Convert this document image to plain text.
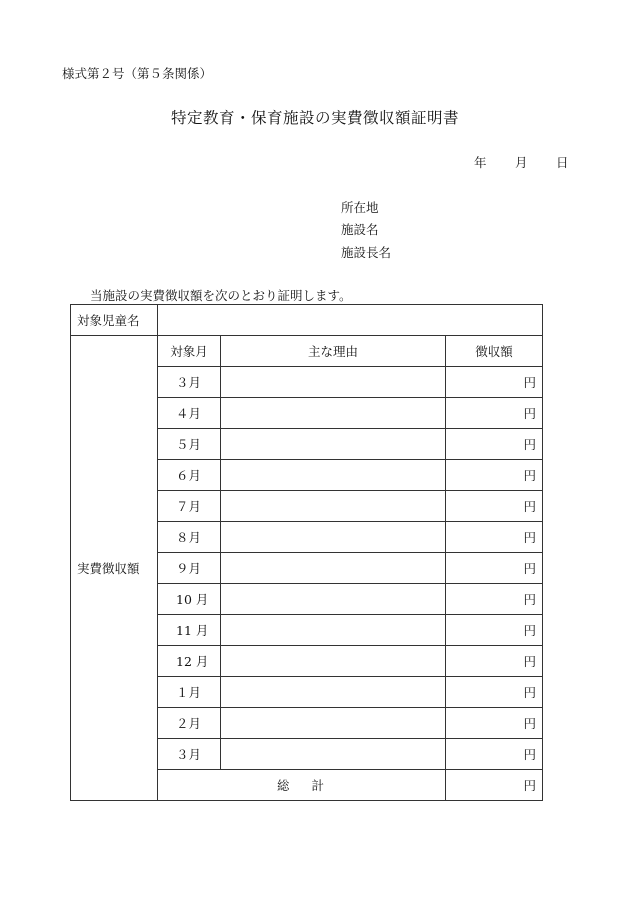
様式第２号（第５条関係）
特定教育・保育施設の実費徴収額証明書
年 月 日
所在地
施設名
施設長名
当施設の実費徴収額を次のとおり証明します。
対象児童名			
実費徴収額	対象月	主な理由	徴収額
	３月		円
	４月		円
	５月		円
	６月		円
	７月		円
	８月		円
	９月		円
	10 月		円
	11 月		円
	12 月		円
	１月		円
	２月		円
	３月		円
	総計		円
